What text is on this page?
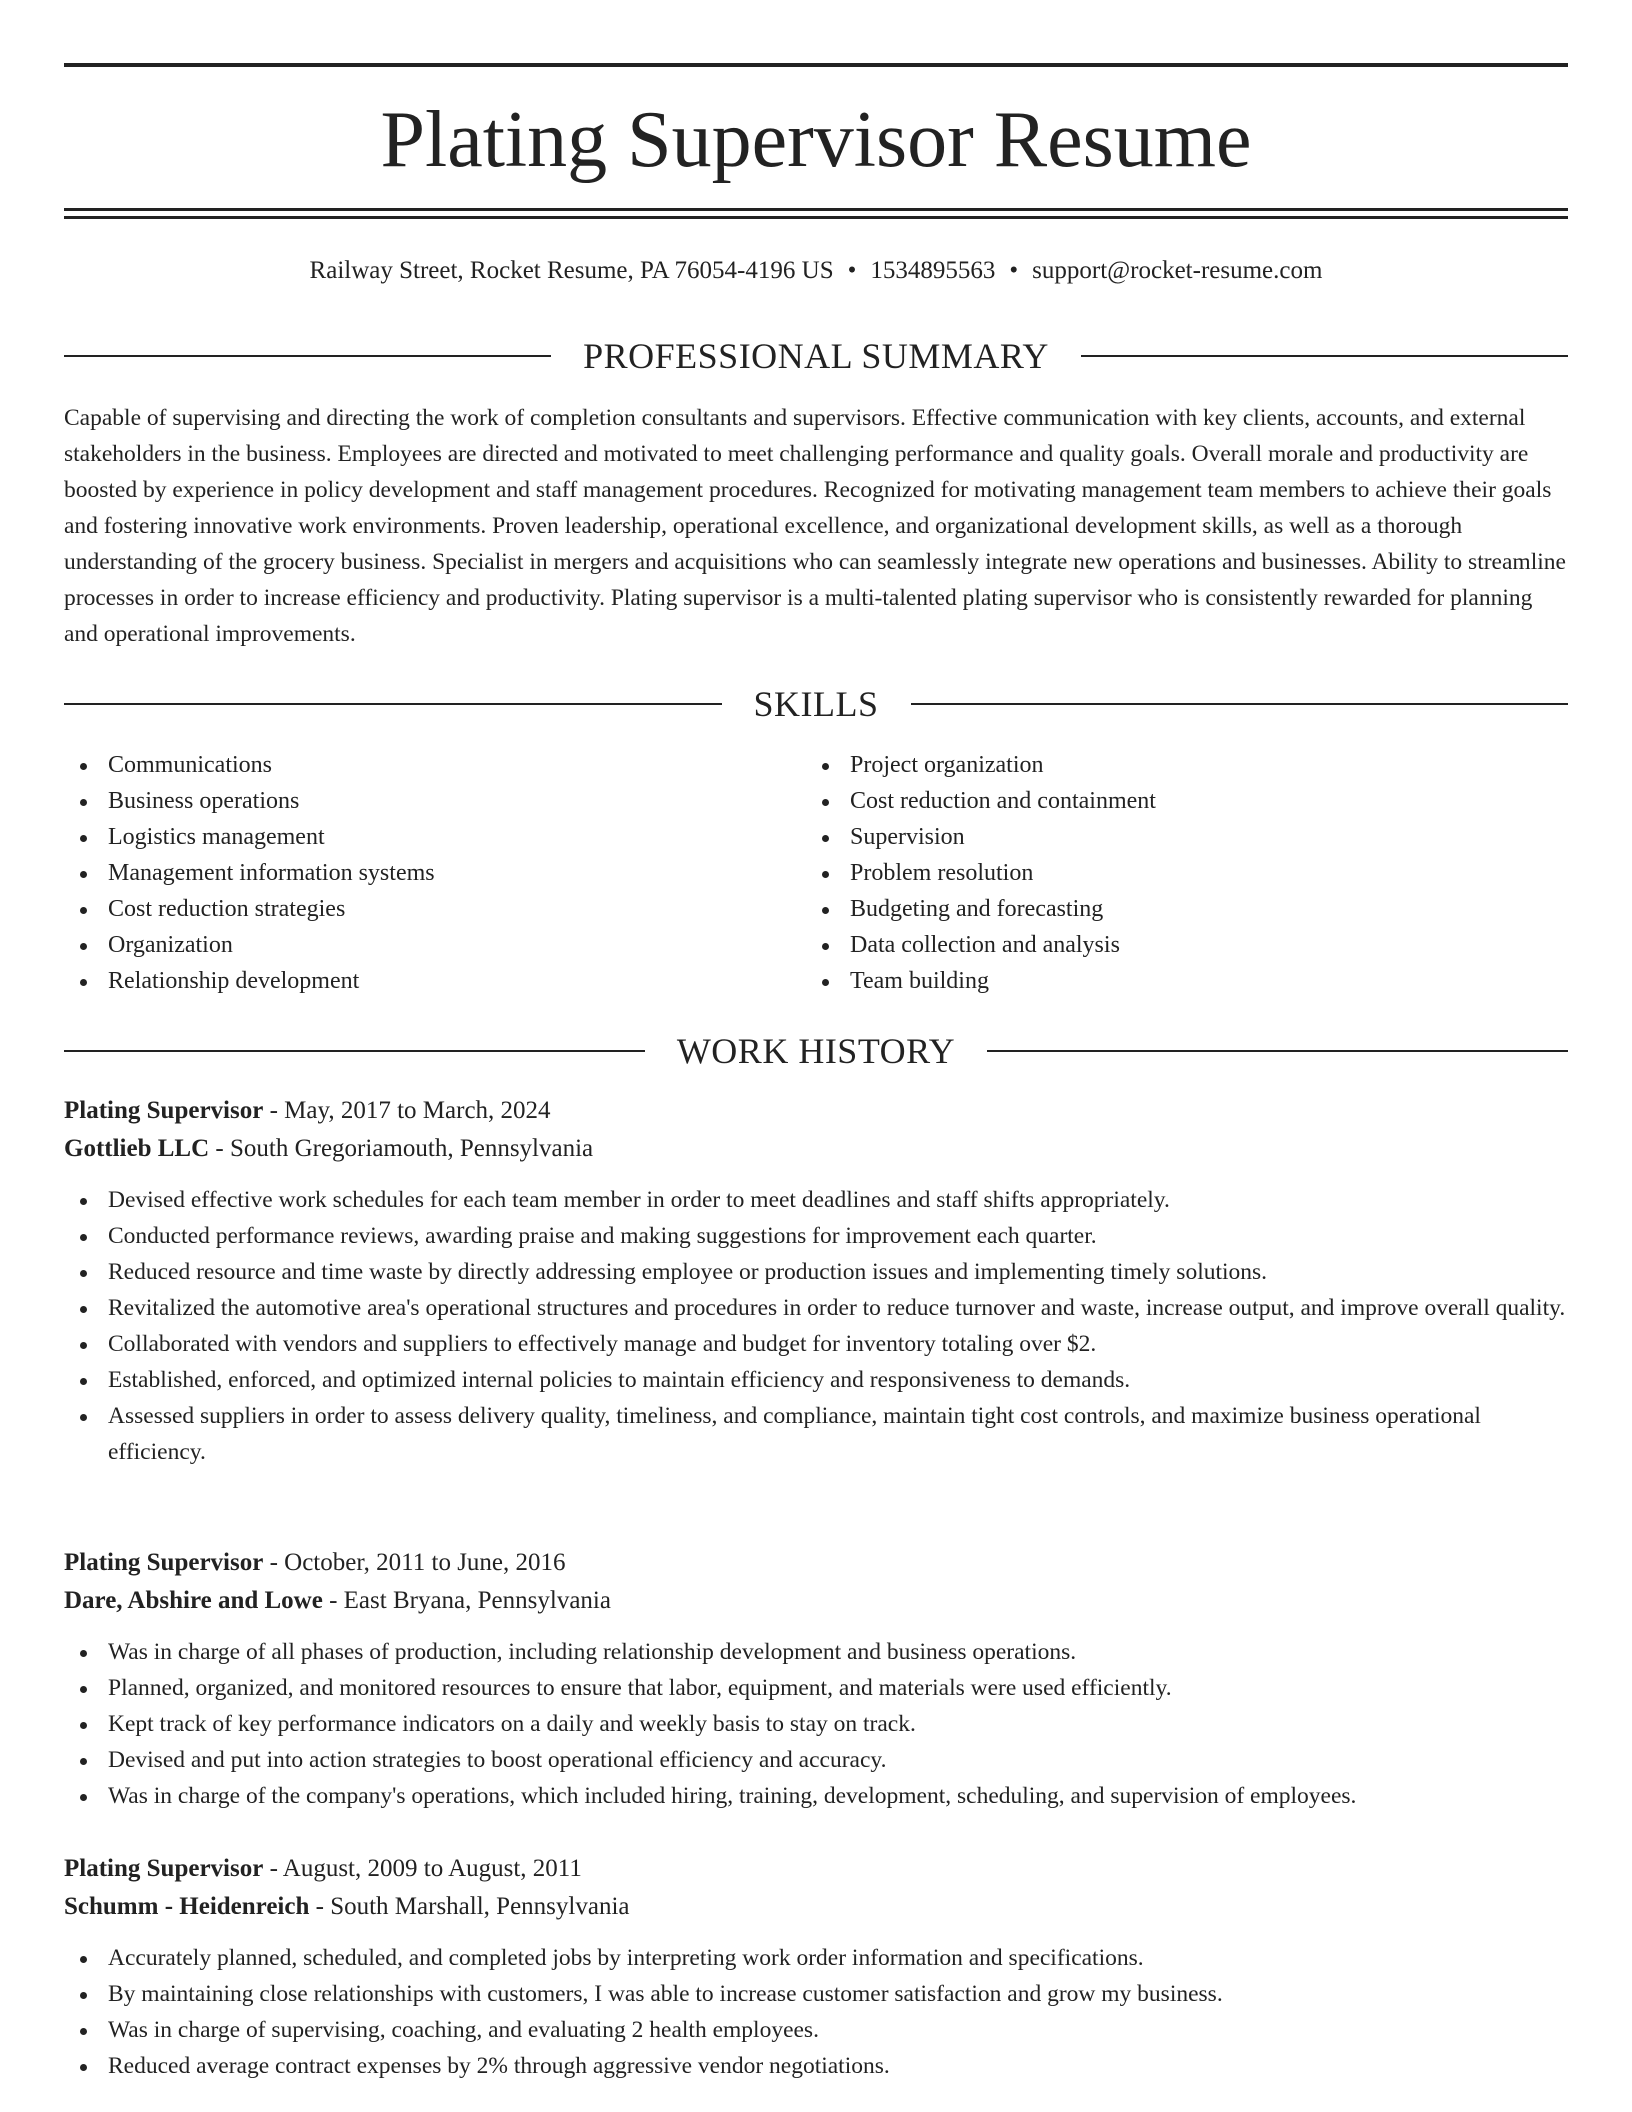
Plating Supervisor Resume
Railway Street, Rocket Resume, PA 76054-4196 US • 1534895563 • support@rocket-resume.com
PROFESSIONAL SUMMARY

Capable of supervising and directing the work of completion consultants and supervisors. Effective communication with key clients, accounts, and external stakeholders in the business. Employees are directed and motivated to meet challenging performance and quality goals. Overall morale and productivity are boosted by experience in policy development and staff management procedures. Recognized for motivating management team members to achieve their goals and fostering innovative work environments. Proven leadership, operational excellence, and organizational development skills, as well as a thorough understanding of the grocery business. Specialist in mergers and acquisitions who can seamlessly integrate new operations and businesses. Ability to streamline processes in order to increase efficiency and productivity. Plating supervisor is a multi-talented plating supervisor who is consistently rewarded for planning and operational improvements.

SKILLS
Communications
Business operations
Logistics management
Management information systems
Cost reduction strategies
Organization
Relationship development
Project organization
Cost reduction and containment
Supervision
Problem resolution
Budgeting and forecasting
Data collection and analysis
Team building
WORK HISTORY
Plating Supervisor - May, 2017 to March, 2024
Gottlieb LLC - South Gregoriamouth, Pennsylvania
Devised effective work schedules for each team member in order to meet deadlines and staff shifts appropriately.
Conducted performance reviews, awarding praise and making suggestions for improvement each quarter.
Reduced resource and time waste by directly addressing employee or production issues and implementing timely solutions.
Revitalized the automotive area's operational structures and procedures in order to reduce turnover and waste, increase output, and improve overall quality.
Collaborated with vendors and suppliers to effectively manage and budget for inventory totaling over $2.
Established, enforced, and optimized internal policies to maintain efficiency and responsiveness to demands.
Assessed suppliers in order to assess delivery quality, timeliness, and compliance, maintain tight cost controls, and maximize business operational efficiency.
Plating Supervisor - October, 2011 to June, 2016
Dare, Abshire and Lowe - East Bryana, Pennsylvania
Was in charge of all phases of production, including relationship development and business operations.
Planned, organized, and monitored resources to ensure that labor, equipment, and materials were used efficiently.
Kept track of key performance indicators on a daily and weekly basis to stay on track.
Devised and put into action strategies to boost operational efficiency and accuracy.
Was in charge of the company's operations, which included hiring, training, development, scheduling, and supervision of employees.
Plating Supervisor - August, 2009 to August, 2011
Schumm - Heidenreich - South Marshall, Pennsylvania
Accurately planned, scheduled, and completed jobs by interpreting work order information and specifications.
By maintaining close relationships with customers, I was able to increase customer satisfaction and grow my business.
Was in charge of supervising, coaching, and evaluating 2 health employees.
Reduced average contract expenses by 2% through aggressive vendor negotiations.
